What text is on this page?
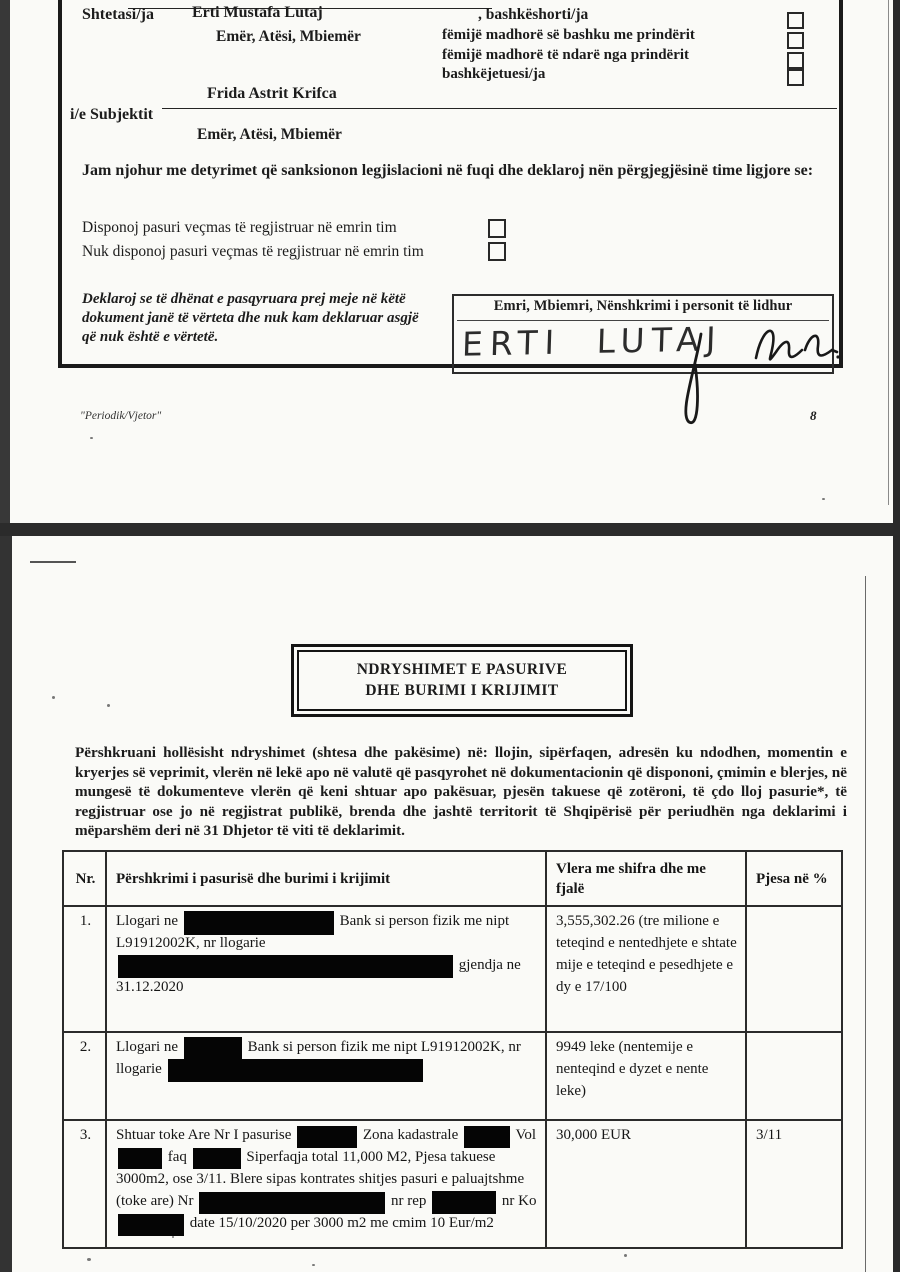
Shtetasi/ja Erti Mustafa Lutaj	, bashkëshorti/ja
Emër, Atësi, Mbiemër	fëmijë madhorë së bashku me prindërit
fëmijë madhorë të ndarë nga prindërit
bashkëjetuesi/ja
Frida Astrit Krifca
i/e Subjektit
Emër, Atësi, Mbiemër
Jam njohur me detyrimet që sanksionon legjislacioni në fuqi dhe deklaroj nën përgjegjësinë time ligjore se:
Disponoj pasuri veçmas të regjistruar në emrin tim
Nuk disponoj pasuri veçmas të regjistruar në emrin tim
Deklaroj se të dhënat e pasqyruara prej meje në këtë dokument janë të vërteta dhe nuk kam deklaruar asgjë që nuk është e vërtetë.
Emri, Mbiemri, Nënshkrimi i personit të lidhur
ERTI LUTAJ
"Periodik/Vjetor"	8
NDRYSHIMET E PASURIVE
DHE BURIMI I KRIJIMIT
Përshkruani hollësisht ndryshimet (shtesa dhe pakësime) në: llojin, sipërfaqen, adresën ku ndodhen, momentin e kryerjes së veprimit, vlerën në lekë apo në valutë që pasqyrohet në dokumentacionin që dispononi, çmimin e blerjes, në mungesë të dokumenteve vlerën që keni shtuar apo pakësuar, pjesën takuese që zotëroni, të çdo lloj pasurie*, të regjistruar ose jo në regjistrat publikë, brenda dhe jashtë territorit të Shqipërisë për periudhën nga deklarimi i mëparshëm deri në 31 Dhjetor të viti të deklarimit.
Nr.	Përshkrimi i pasurisë dhe burimi i krijimit	Vlera me shifra dhe me fjalë	Pjesa në %
1.	Llogari ne Bank si person fizik me nipt L91912002K, nr llogarie  gjendja ne 31.12.2020	3,555,302.26 (tre milione e teteqind e nentedhjete e shtate mije e teteqind e pesedhjete e dy e 17/100	
2.	Llogari ne Bank si person fizik me nipt L91912002K, nr llogarie	9949 leke (nentemije e nenteqind e dyzet e nente leke)	
3.	Shtuar toke Are Nr I pasurise Zona kadastrale Vol  faq Siperfaqja total 11,000 M2, Pjesa takuese 3000m2, ose 3/11. Blere sipas kontrates shitjes pasuri e paluajtshme (toke are) Nr nr rep nr Ko  date 15/10/2020 per 3000 m2 me cmim 10 Eur/m2	30,000 EUR	3/11
